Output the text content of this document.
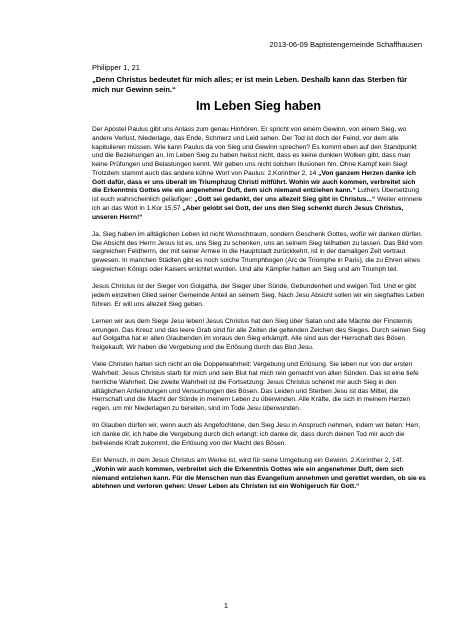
2013-06-09 Baptistengemeinde Schaffhausen
Philipper 1, 21
„Denn Christus bedeutet für mich alles; er ist mein Leben. Deshalb kann das Sterben für mich nur Gewinn sein.“
Im Leben Sieg haben

Der Apostel Paulus gibt uns Anlass zum genau Hinhören. Er spricht von einem Gewinn, von einem Sieg, wo andere Verlust, Niederlage, das Ende, Schmerz und Leid sehen. Der Tod ist doch der Feind, vor dem alle kapitulieren müssen. Wie kann Paulus da von Sieg und Gewinn sprechen? Es kommt eben auf den Standpunkt und die Beziehungen an. Im Leben Sieg zu haben heisst nicht, dass es keine dunklen Wolken gibt, dass man keine Prüfungen und Belastungen kennt. Wir geben uns nicht solchen Illusionen hin. Ohne Kampf kein Sieg! Trotzdem stammt auch das andere kühne Wort von Paulus: 2.Korinther 2, 14 „Von ganzem Herzen danke ich Gott dafür, dass er uns überall im Triumphzug Christi mitführt. Wohin wir auch kommen, verbreitet sich die Erkenntnis Gottes wie ein angenehmer Duft, dem sich niemand entziehen kann.“ Luthers Übersetzung ist euch wahrscheinlich geläufiger: „Gott sei gedankt, der uns allezeit Sieg gibt in Christus...“ Weiter erinnere ich an das Wort in 1.Kor 15,57 „Aber gelobt sei Gott, der uns den Sieg schenkt durch Jesus Christus, unseren Herrn!“

Ja, Sieg haben im alltäglichen Leben ist nicht Wunschtraum, sondern Geschenk Gottes, wofür wir danken dürfen. Die Absicht des Herrn Jesus ist es, uns Sieg zu schenken, uns an seinem Sieg teilhaben zu lassen. Das Bild vom siegreichen Feldherrn, der mit seiner Armee in die Hauptstadt zurückkehrt, ist in der damaligen Zeit vertraut gewesen. In manchen Städten gibt es noch solche Triumphbogen (Arc de Triomphe in Paris), die zu Ehren eines siegreichen Königs oder Kaisers errichtet wurden. Und alle Kämpfer hatten am Sieg und am Triumph teil.

Jesus Christus ist der Sieger von Golgatha, der Sieger über Sünde, Gebundenheit und ewigen Tod. Und er gibt jedem einzelnen Glied seiner Gemeinde Anteil an seinem Sieg. Nach Jesu Absicht sollen wir ein sieghaftes Leben führen. Er will uns allezeit Sieg geben.

Lernen wir aus dem Siege Jesu leben! Jesus Christus hat den Sieg über Satan und alle Mächte der Finsternis errungen. Das Kreuz und das leere Grab sind für alle Zeiten die geltenden Zeichen des Sieges. Durch seinen Sieg auf Golgatha hat er allen Glaubenden im voraus den Sieg erkämpft. Alle sind aus der Herrschaft des Bösen freigekauft. Wir haben die Vergebung und die Erlösung durch das Blut Jesu.

Viele Christen halten sich nicht an die Doppelwahrheit: Vergebung und Erlösung. Sie leben nur von der ersten Wahrheit: Jesus Christus starb für mich und sein Blut hat mich rein gemacht von allen Sünden. Das ist eine tiefe herrliche Wahrheit. Die zweite Wahrheit ist die Fortsetzung: Jesus Christus schenkt mir auch Sieg in den alltäglichen Anfeindungen und Versuchungen des Bösen. Das Leiden und Sterben Jesu ist das Mittel, die Herrschaft und die Macht der Sünde in meinem Leben zu überwinden. Alle Kräfte, die sich in meinem Herzen regen, um mir Niederlagen zu bereiten, sind im Tode Jesu überwunden.

Im Glauben dürfen wir, wenn auch als Angefochtene, den Sieg Jesu in Anspruch nehmen, indem wir beten: Herr, ich danke dir, ich habe die Vergebung durch dich erlangt; ich danke dir, dass durch deinen Tod mir auch die befreiende Kraft zukommt, die Erlösung von der Macht des Bösen.

Ein Mensch, in dem Jesus Christus am Werke ist, wird für seine Umgebung ein Gewinn. 2.Korinther 2, 14f. „Wohin wir auch kommen, verbreitet sich die Erkenntnis Gottes wie ein angenehmer Duft, dem sich niemand entziehen kann. Für die Menschen nun das Evangelium annehmen und gerettet werden, ob sie es ablehnen und verloren gehen: Unser Leben als Christen ist ein Wohlgeruch für Gott.“

1
